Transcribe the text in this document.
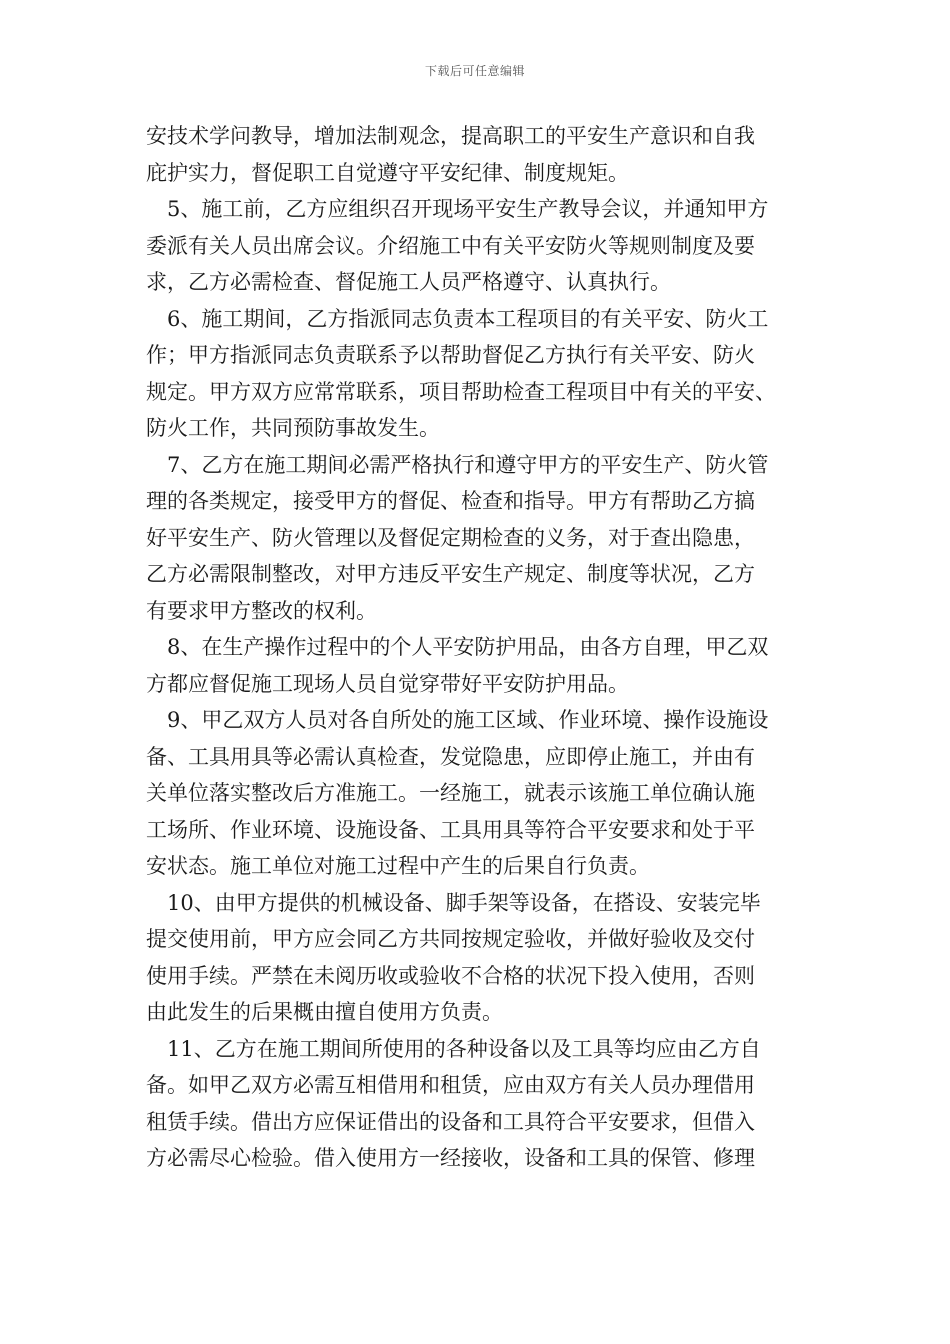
下载后可任意编辑
安技术学问教导，增加法制观念，提高职工的平安生产意识和自我
庇护实力，督促职工自觉遵守平安纪律、制度规矩。
5、施工前，乙方应组织召开现场平安生产教导会议，并通知甲方
委派有关人员出席会议。介绍施工中有关平安防火等规则制度及要
求，乙方必需检查、督促施工人员严格遵守、认真执行。
6、施工期间，乙方指派同志负责本工程项目的有关平安、防火工
作；甲方指派同志负责联系予以帮助督促乙方执行有关平安、防火
规定。甲方双方应常常联系，项目帮助检查工程项目中有关的平安、
防火工作，共同预防事故发生。
7、乙方在施工期间必需严格执行和遵守甲方的平安生产、防火管
理的各类规定，接受甲方的督促、检查和指导。甲方有帮助乙方搞
好平安生产、防火管理以及督促定期检查的义务，对于查出隐患，
乙方必需限制整改，对甲方违反平安生产规定、制度等状况，乙方
有要求甲方整改的权利。
8、在生产操作过程中的个人平安防护用品，由各方自理，甲乙双
方都应督促施工现场人员自觉穿带好平安防护用品。
9、甲乙双方人员对各自所处的施工区域、作业环境、操作设施设
备、工具用具等必需认真检查，发觉隐患，应即停止施工，并由有
关单位落实整改后方准施工。一经施工，就表示该施工单位确认施
工场所、作业环境、设施设备、工具用具等符合平安要求和处于平
安状态。施工单位对施工过程中产生的后果自行负责。
10、由甲方提供的机械设备、脚手架等设备，在搭设、安装完毕
提交使用前，甲方应会同乙方共同按规定验收，并做好验收及交付
使用手续。严禁在未阅历收或验收不合格的状况下投入使用，否则
由此发生的后果概由擅自使用方负责。
11、乙方在施工期间所使用的各种设备以及工具等均应由乙方自
备。如甲乙双方必需互相借用和租赁，应由双方有关人员办理借用
租赁手续。借出方应保证借出的设备和工具符合平安要求，但借入
方必需尽心检验。借入使用方一经接收，设备和工具的保管、修理
